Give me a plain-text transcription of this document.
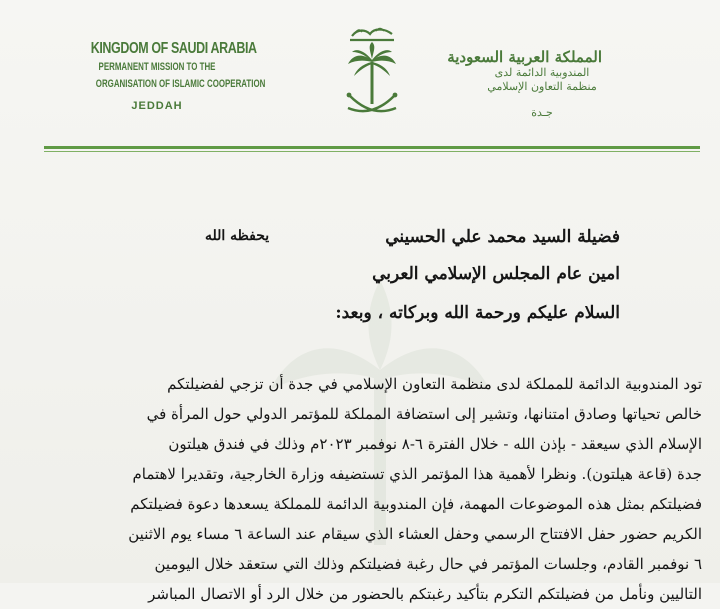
KINGDOM OF SAUDI ARABIA
PERMANENT MISSION TO THE
ORGANISATION OF ISLAMIC COOPERATION
JEDDAH
المملكة العربية السعودية
المندوبية الدائمة لدى
منظمة التعاون الإسلامي
جـدة
يحفظه الله	فضيلة السيد محمد علي الحسيني
امين عام المجلس الإسلامي العربي
السلام عليكم ورحمة الله وبركاته ، وبعد:
تود المندوبية الدائمة للمملكة لدى منظمة التعاون الإسلامي في جدة أن تزجي لفضيلتكم
خالص تحياتها وصادق امتنانها، وتشير إلى استضافة المملكة للمؤتمر الدولي حول المرأة في
الإسلام الذي سيعقد - بإذن الله - خلال الفترة ٦-٨ نوفمبر ٢٠٢٣م وذلك في فندق هيلتون
جدة (قاعة هيلتون). ونظرا لأهمية هذا المؤتمر الذي تستضيفه وزارة الخارجية، وتقديرا لاهتمام
فضيلتكم بمثل هذه الموضوعات المهمة، فإن المندوبية الدائمة للمملكة يسعدها دعوة فضيلتكم
الكريم حضور حفل الافتتاح الرسمي وحفل العشاء الذي سيقام عند الساعة ٦ مساء يوم الاثنين
٦ نوفمبر القادم، وجلسات المؤتمر في حال رغبة فضيلتكم وذلك التي ستعقد خلال اليومين
التاليين ونأمل من فضيلتكم التكرم بتأكيد رغبتكم بالحضور من خلال الرد أو الاتصال المباشر
